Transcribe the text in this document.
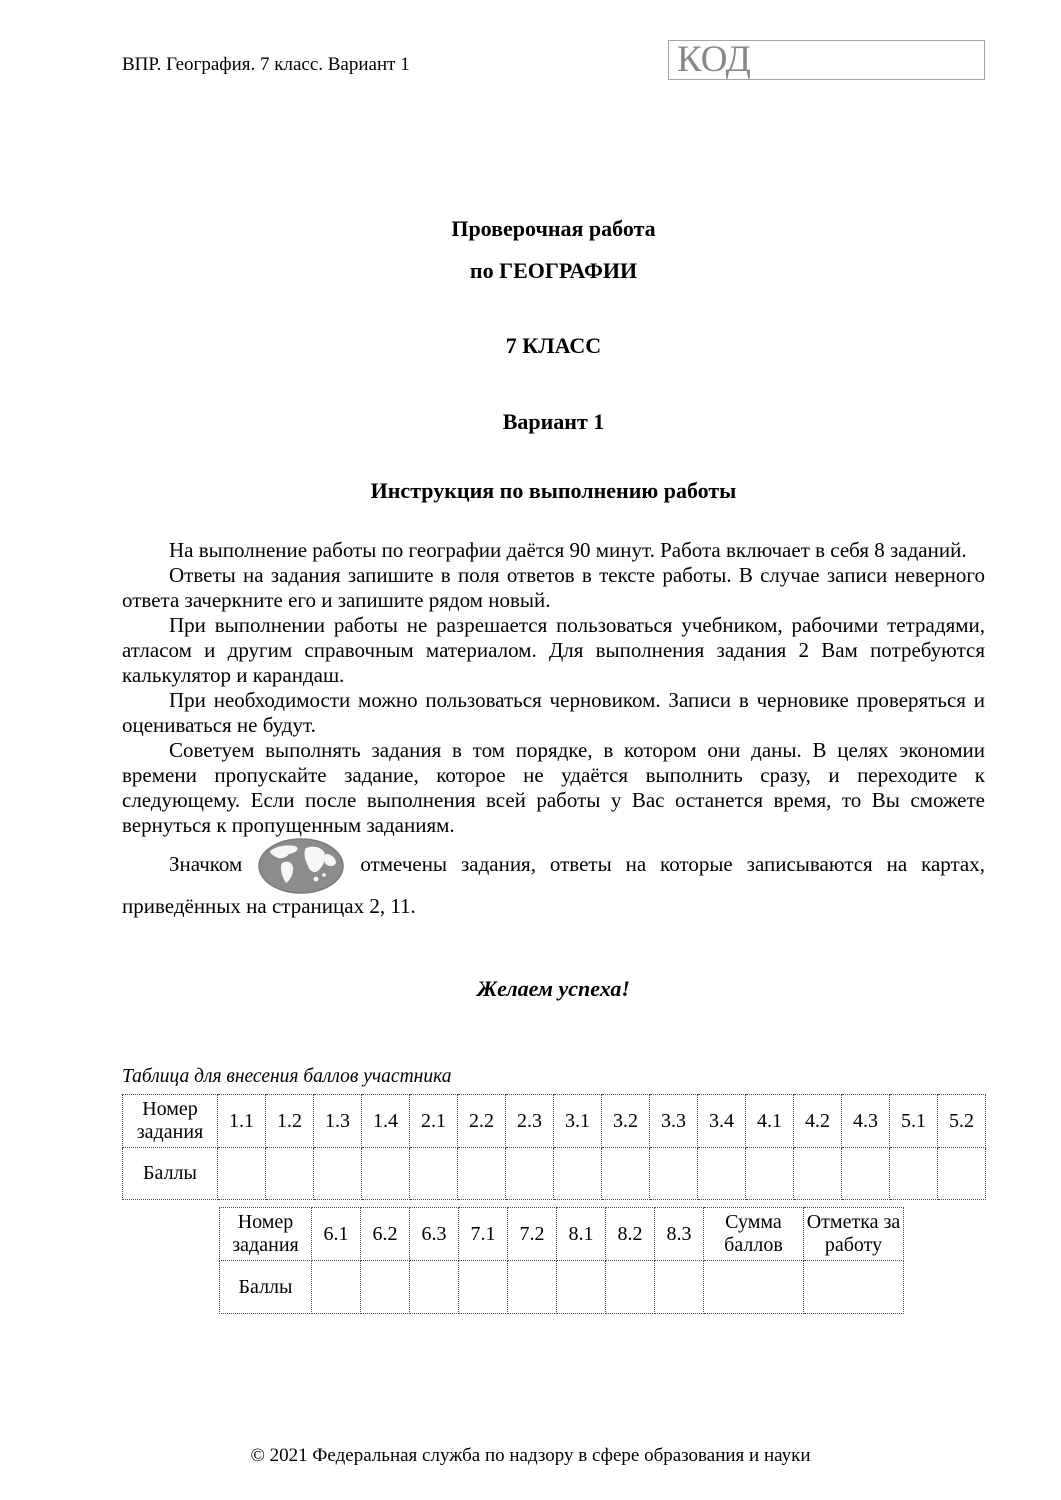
ВПР. География. 7 класс. Вариант 1	КОД
Проверочная работа
по ГЕОГРАФИИ
7 КЛАСС
Вариант 1
Инструкция по выполнению работы

На выполнение работы по географии даётся 90 минут. Работа включает в себя 8 заданий.

Ответы на задания запишите в поля ответов в тексте работы. В случае записи неверного ответа зачеркните его и запишите рядом новый.

При выполнении работы не разрешается пользоваться учебником, рабочими тетрадями, атласом и другим справочным материалом. Для выполнения задания 2 Вам потребуются калькулятор и карандаш.

При необходимости можно пользоваться черновиком. Записи в черновике проверяться и оцениваться не будут.

Советуем выполнять задания в том порядке, в котором они даны. В целях экономии времени пропускайте задание, которое не удаётся выполнить сразу, и переходите к следующему. Если после выполнения всей работы у Вас останется время, то Вы сможете вернуться к пропущенным заданиям.

Значком	отмечены задания, ответы на которые записываются на картах, приведённых на страницах 2, 11.

Желаем успеха!
Таблица для внесения баллов участника
Номер задания	1.1	1.2	1.3	1.4	2.1	2.2	2.3	3.1	3.2	3.3	3.4	4.1	4.2	4.3	5.1	5.2
Баллы																
Номер задания	6.1	6.2	6.3	7.1	7.2	8.1	8.2	8.3	Сумма баллов	Отметка за работу
Баллы										
© 2021 Федеральная служба по надзору в сфере образования и науки
